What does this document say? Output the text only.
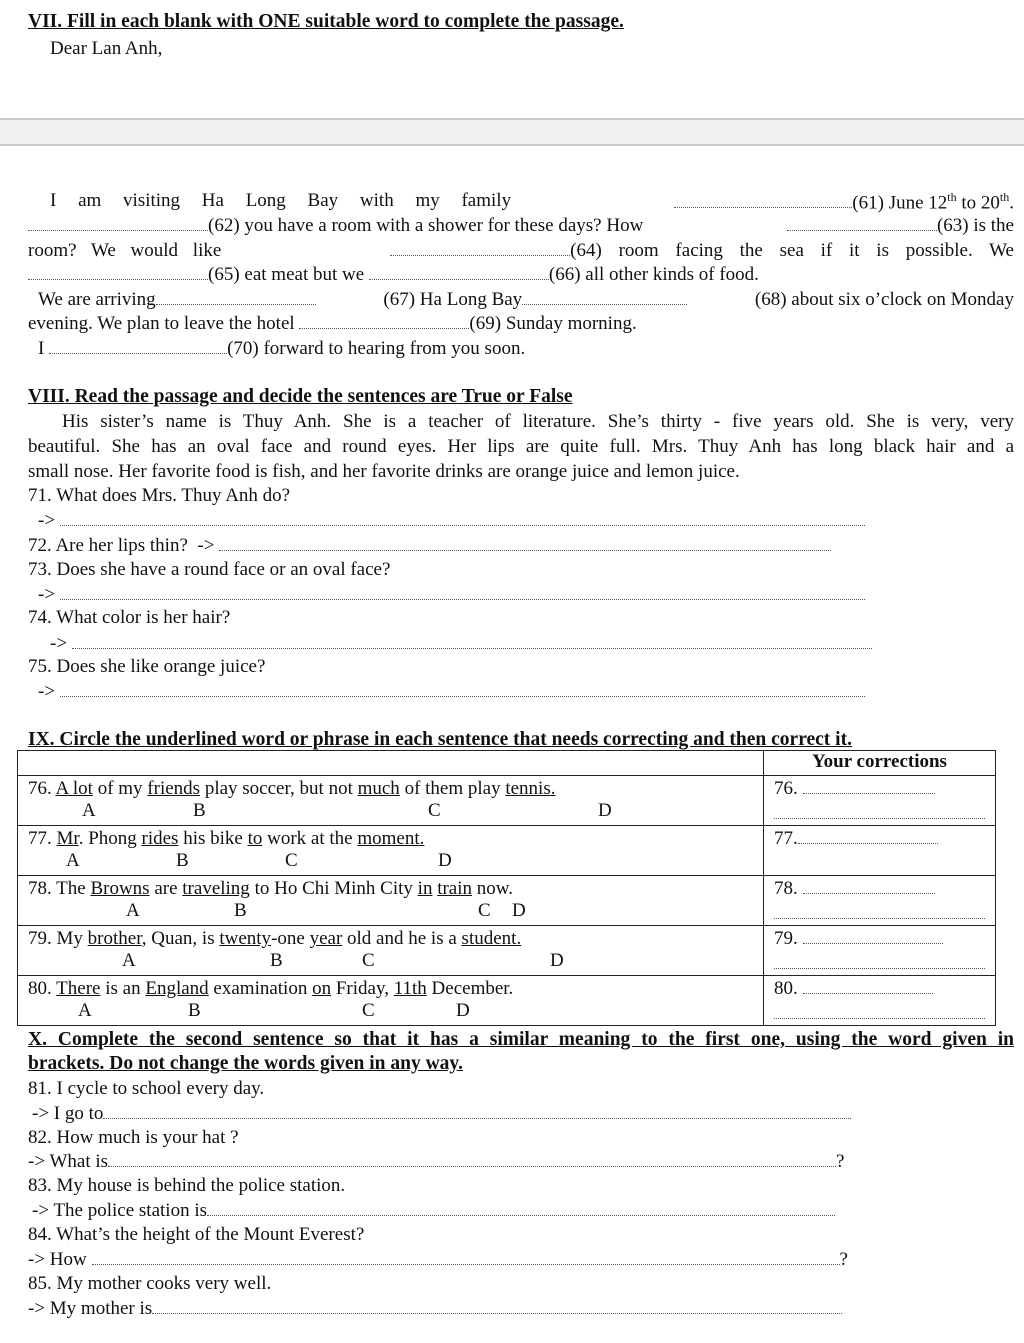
VII. Fill in each blank with ONE suitable word to complete the passage.
Dear Lan Anh,
I am visiting Ha Long Bay with my family	(61) June 12th to 20th.
(62) you have a room with a shower for these days? How	(63) is the
room? We would like	(64) room facing the sea if it is possible. We
(65) eat meat but we	(66) all other kinds of food.
We are arriving	(67) Ha Long Bay	(68) about six o’clock on Monday
evening. We plan to leave the hotel	(69) Sunday morning.
I	(70) forward to hearing from you soon.
VIII. Read the passage and decide the sentences are True or False
His sister’s name is Thuy Anh. She is a teacher of literature. She’s thirty - five years old. She is very, very
beautiful. She has an oval face and round eyes. Her lips are quite full. Mrs. Thuy Anh has long black hair and a
small nose. Her favorite food is fish, and her favorite drinks are orange juice and lemon juice.
71. What does Mrs. Thuy Anh do?
->
72. Are her lips thin? ->
73. Does she have a round face or an oval face?
->
74. What color is her hair?
->
75. Does she like orange juice?
->
IX. Circle the underlined word or phrase in each sentence that needs correcting and then correct it.
	Your corrections
76. A lot of my friends play soccer, but not much of them play tennis.
A B C D	76.

77. Mr. Phong rides his bike to work at the moment.
A B C D	77.

78. The Browns are traveling to Ho Chi Minh City in train now.
A B C D	78.

79. My brother, Quan, is twenty-one year old and he is a student.
A B C D	79.

80. There is an England examination on Friday, 11th December.
A B C D	80.
X. Complete the second sentence so that it has a similar meaning to the first one, using the word given in
brackets. Do not change the words given in any way.
81. I cycle to school every day.
-> I go to
82. How much is your hat ?
-> What is	?
83. My house is behind the police station.
-> The police station is
84. What’s the height of the Mount Everest?
-> How	?
85. My mother cooks very well.
-> My mother is
